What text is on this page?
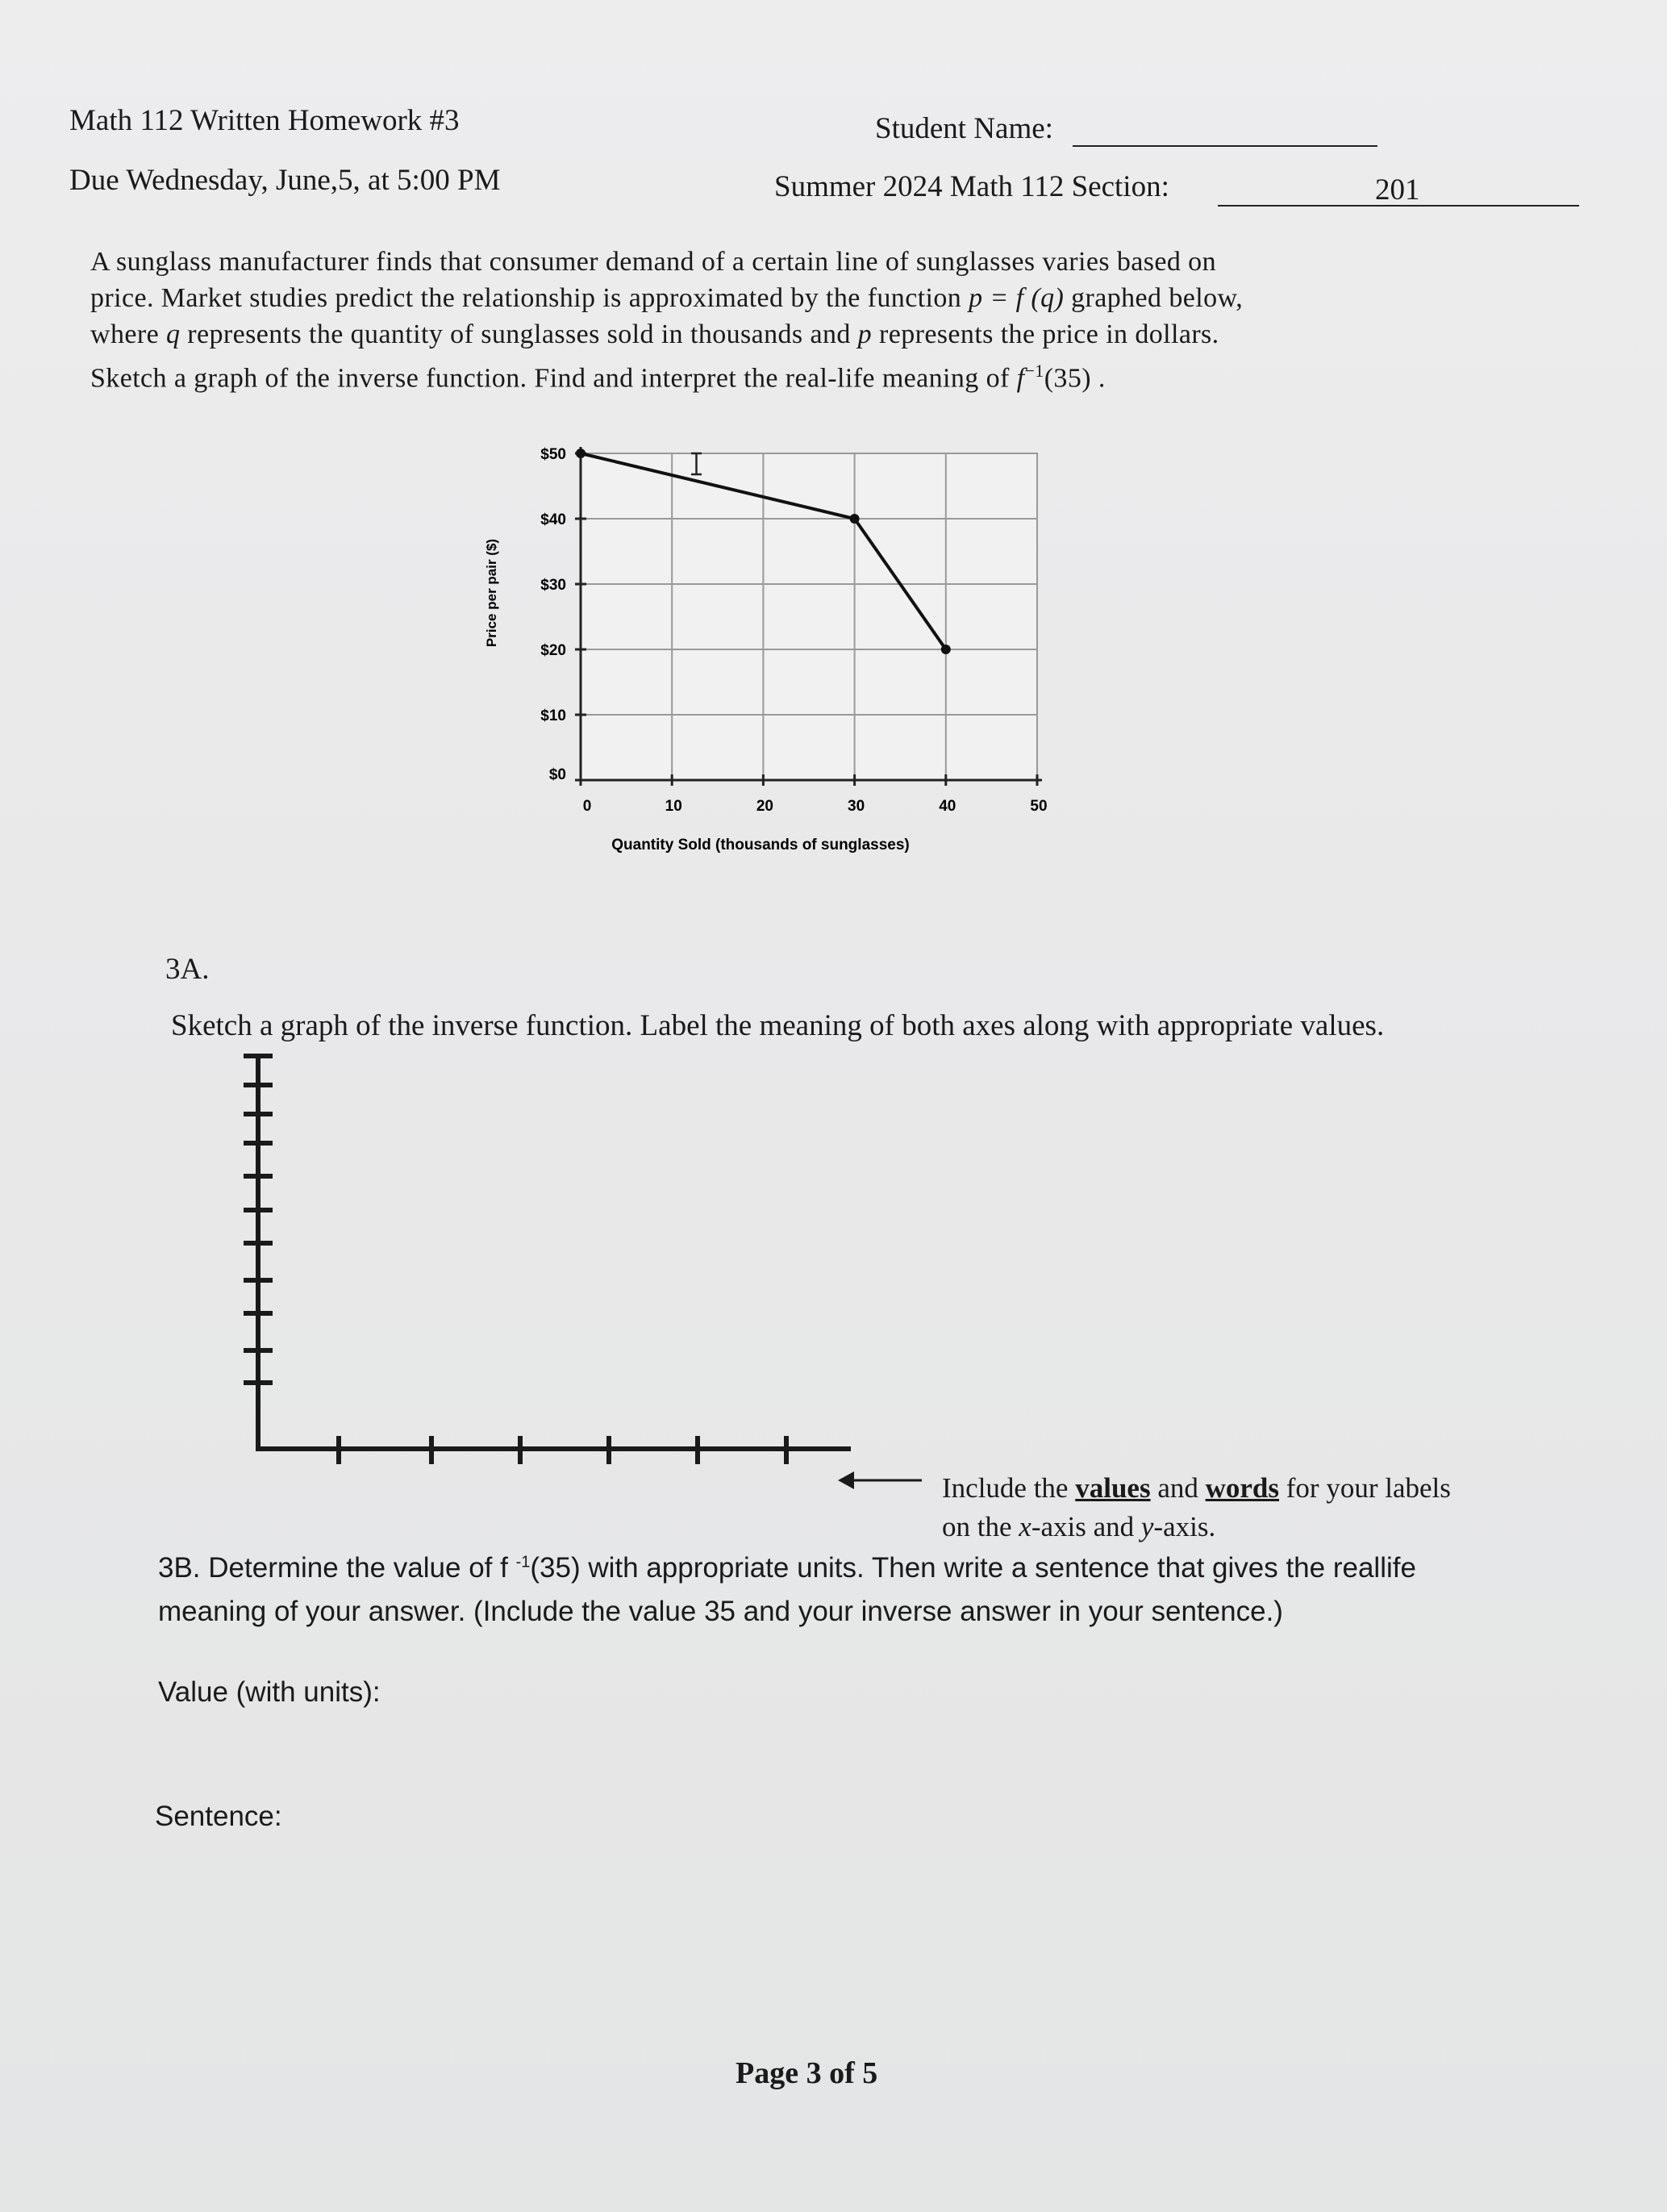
Math 112 Written Homework #3
Due Wednesday, June,5, at 5:00 PM
Student Name:
Summer 2024 Math 112 Section:	201

A sunglass manufacturer finds that consumer demand of a certain line of sunglasses varies based on

price. Market studies predict the relationship is approximated by the function p = f (q) graphed below,

where q represents the quantity of sunglasses sold in thousands and p represents the price in dollars.

Sketch a graph of the inverse function. Find and interpret the real-life meaning of $f^{-1}(35)$ .

0	10	20	30	40	50
$0
$10
$20
$30
$40
$50
Quantity Sold (thousands of sunglasses)
Price per pair ($)
3A.
Sketch a graph of the inverse function. Label the meaning of both axes along with appropriate values.
Include the values and words for your labels
on the x-axis and y-axis.
3B. Determine the value of f $^{-1}$(35) with appropriate units. Then write a sentence that gives the reallife
meaning of your answer. (Include the value 35 and your inverse answer in your sentence.)
Value (with units):
Sentence:
Page 3 of 5
